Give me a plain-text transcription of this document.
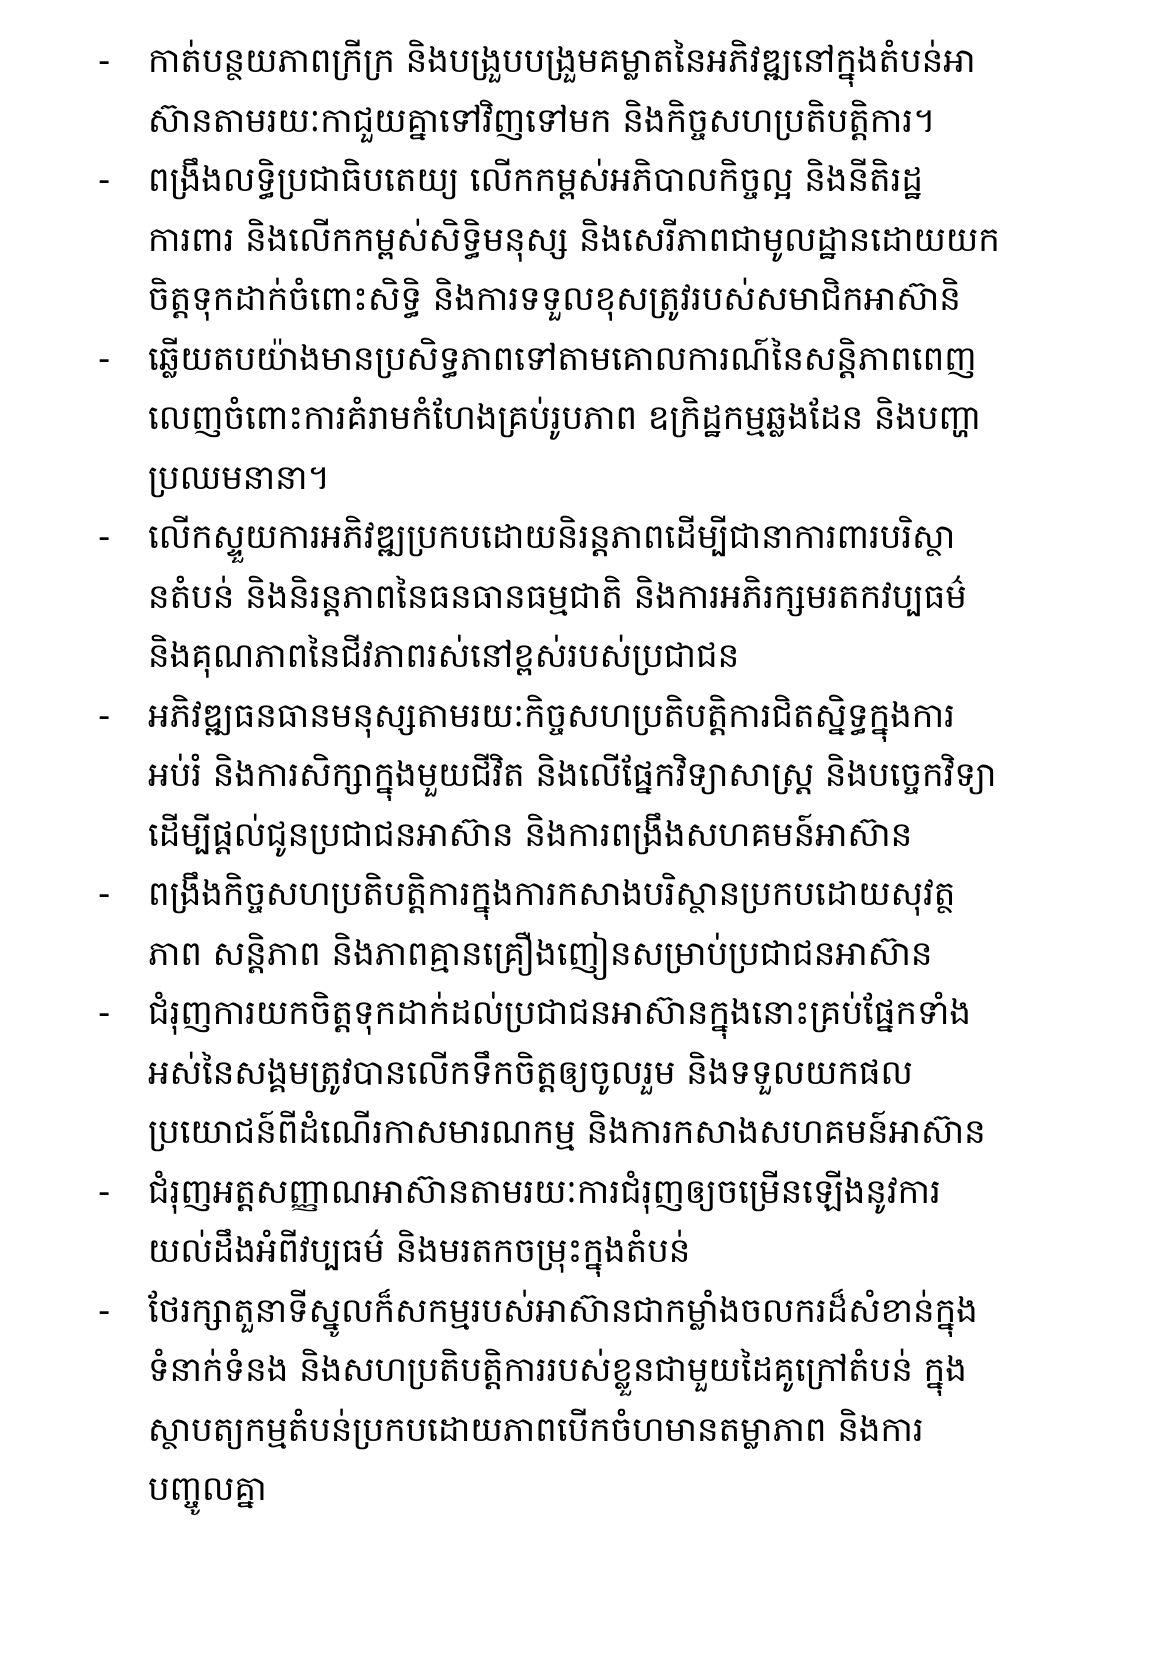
-	កាត់បន្ថយភាពក្រីក្រ និងបង្រួបបង្រួមគម្លាតនៃអភិវឌ្ឍនៅក្នុងតំបន់អា
ស៊ានតាមរយៈកាជួយគ្នាទៅវិញទៅមក និងកិច្ចសហប្រតិបត្តិការ។
-	ពង្រឹងលទ្ធិប្រជាធិបតេយ្យ លើកកម្ពស់អភិបាលកិច្ចល្អ និងនីតិរដ្ឋ
ការពារ និងលើកកម្ពស់សិទ្ធិមនុស្ស និងសេរីភាពជាមូលដ្ឋានដោយយក
ចិត្តទុកដាក់ចំពោះសិទ្ធិ និងការទទួលខុសត្រូវរបស់សមាជិកអាស៊ានិ
-	ឆ្លើយតបយ៉ាងមានប្រសិទ្ធភាពទៅតាមគោលការណ៍នៃសន្តិភាពពេញ
លេញចំពោះការគំរាមកំហែងគ្រប់រូបភាព ឧក្រិដ្ឋកម្មឆ្លងដែន និងបញ្ហា
ប្រឈមនានា។
-	លើកស្ទួយការអភិវឌ្ឍប្រកបដោយនិរន្តភាពដើម្បីជានាការពារបរិស្ថា
នតំបន់ និងនិរន្តភាពនៃធនធានធម្មជាតិ និងការអភិរក្សមរតកវប្បធម៌
និងគុណភាពនៃជីវភាពរស់នៅខ្ពស់របស់ប្រជាជន
-	អភិវឌ្ឍធនធានមនុស្សតាមរយៈកិច្ចសហប្រតិបត្តិការជិតស្និទ្ធក្នុងការ
អប់រំ និងការសិក្សាក្នុងមួយជីវិត និងលើផ្នែកវិទ្យាសាស្ត្រ និងបច្ចេកវិទ្យា
ដើម្បីផ្ដល់ជូនប្រជាជនអាស៊ាន និងការពង្រឹងសហគមន៍អាស៊ាន
-	ពង្រឹងកិច្ចសហប្រតិបត្តិការក្នុងការកសាងបរិស្ថានប្រកបដោយសុវត្ថ
ភាព សន្តិភាព និងភាពគ្មានគ្រឿងញៀនសម្រាប់ប្រជាជនអាស៊ាន
-	ជំរុញការយកចិត្តទុកដាក់ដល់ប្រជាជនអាស៊ានក្នុងនោះគ្រប់ផ្នែកទាំង
អស់នៃសង្គមត្រូវបានលើកទឹកចិត្តឲ្យចូលរួម និងទទួលយកផល
ប្រយោជន៍ពីដំណើរកាសមារណកម្ម និងការកសាងសហគមន៍អាស៊ាន
-	ជំរុញអត្តសញ្ញាណអាស៊ានតាមរយៈការជំរុញឲ្យចម្រើនឡើងនូវការ
យល់ដឹងអំពីវប្បធម៌ និងមរតកចម្រុះក្នុងតំបន់
-	ថែរក្សាតួនាទីស្នូលក៏សកម្មរបស់អាស៊ានជាកម្លាំងចលករដ៏សំខាន់ក្នុង
ទំនាក់ទំនង និងសហប្រតិបត្តិការរបស់ខ្លួនជាមួយដៃគូក្រៅតំបន់ ក្នុង
ស្ថាបត្យកម្មតំបន់ប្រកបដោយភាពបើកចំហមានតម្លាភាព និងការ
បញ្ចូលគ្នា
